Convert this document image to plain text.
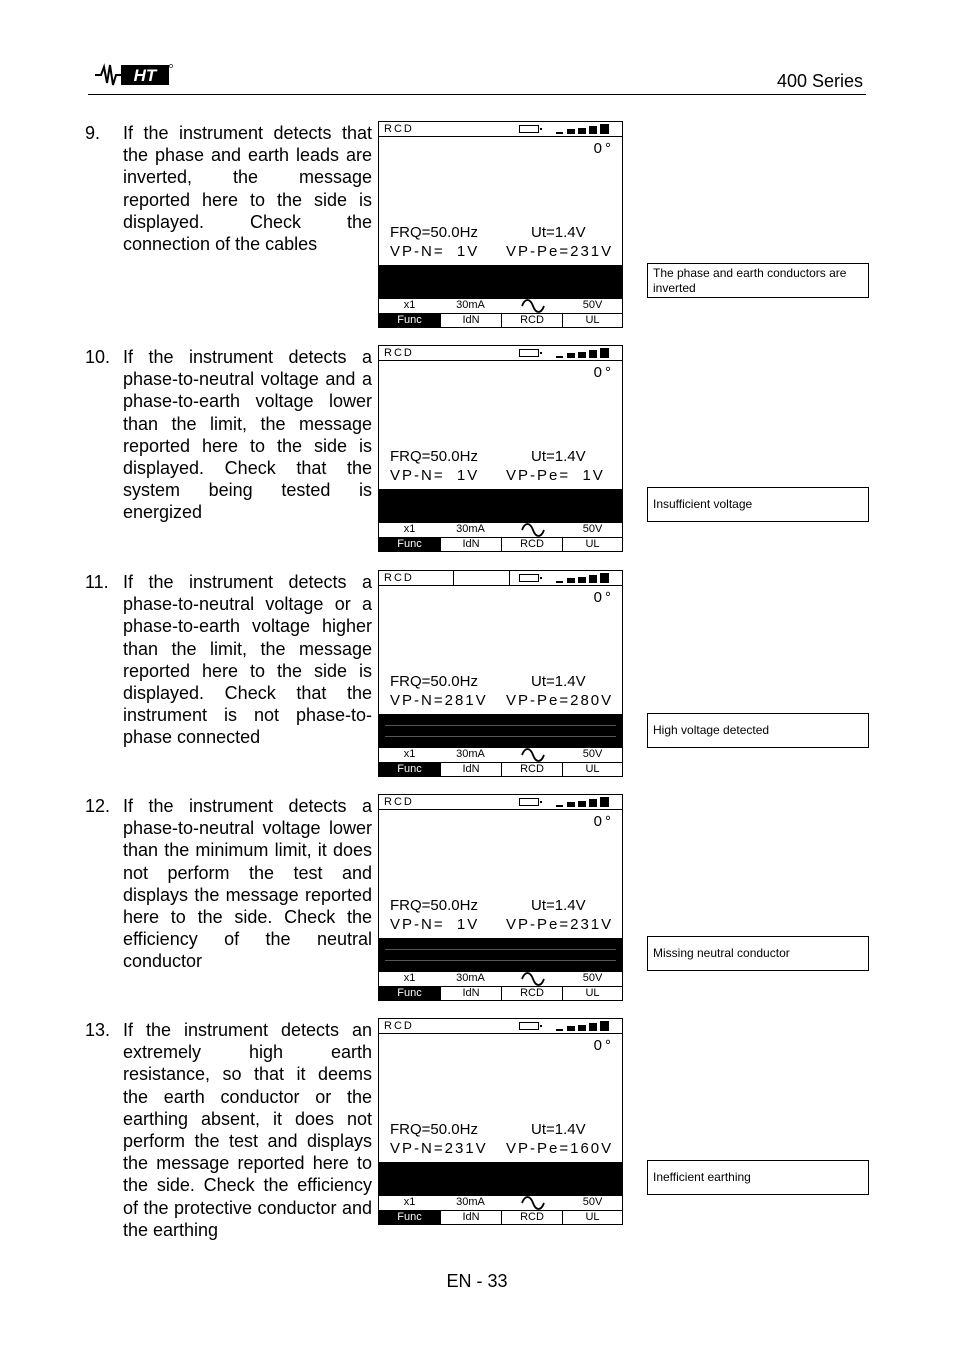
HT	400 Series
9. If the instrument detects that the phase and earth leads are inverted, the message reported here to the side is displayed. Check the connection of the cables
RCD
0°
FRQ=50.0Hz	Ut=1.4V
VP-N=  1V VP-Pe=231V
x1	30mA	50V
Func	IdN	RCD	UL
The phase and earth conductors are inverted
10. If the instrument detects a phase-to-neutral voltage and a phase-to-earth voltage lower than the limit, the message reported here to the side is displayed. Check that the system being tested is energized
RCD
0°
FRQ=50.0Hz	Ut=1.4V
VP-N=  1V VP-Pe=  1V
x1	30mA	50V
Func	IdN	RCD	UL
Insufficient voltage
11. If the instrument detects a phase-to-neutral voltage or a phase-to-earth voltage higher than the limit, the message reported here to the side is displayed. Check that the instrument is not phase-to-phase connected
RCD
0°
FRQ=50.0Hz	Ut=1.4V
VP-N=281V VP-Pe=280V
x1	30mA	50V
Func	IdN	RCD	UL
High voltage detected
12. If the instrument detects a phase-to-neutral voltage lower than the minimum limit, it does not perform the test and displays the message reported here to the side. Check the efficiency of the neutral conductor
RCD
0°
FRQ=50.0Hz	Ut=1.4V
VP-N=  1V VP-Pe=231V
x1	30mA	50V
Func	IdN	RCD	UL
Missing neutral conductor
13. If the instrument detects an extremely high earth resistance, so that it deems the earth conductor or the earthing absent, it does not perform the test and displays the message reported here to the side. Check the efficiency of the protective conductor and the earthing
RCD
0°
FRQ=50.0Hz	Ut=1.4V
VP-N=231V VP-Pe=160V
x1	30mA	50V
Func	IdN	RCD	UL
Inefficient earthing
EN - 33
